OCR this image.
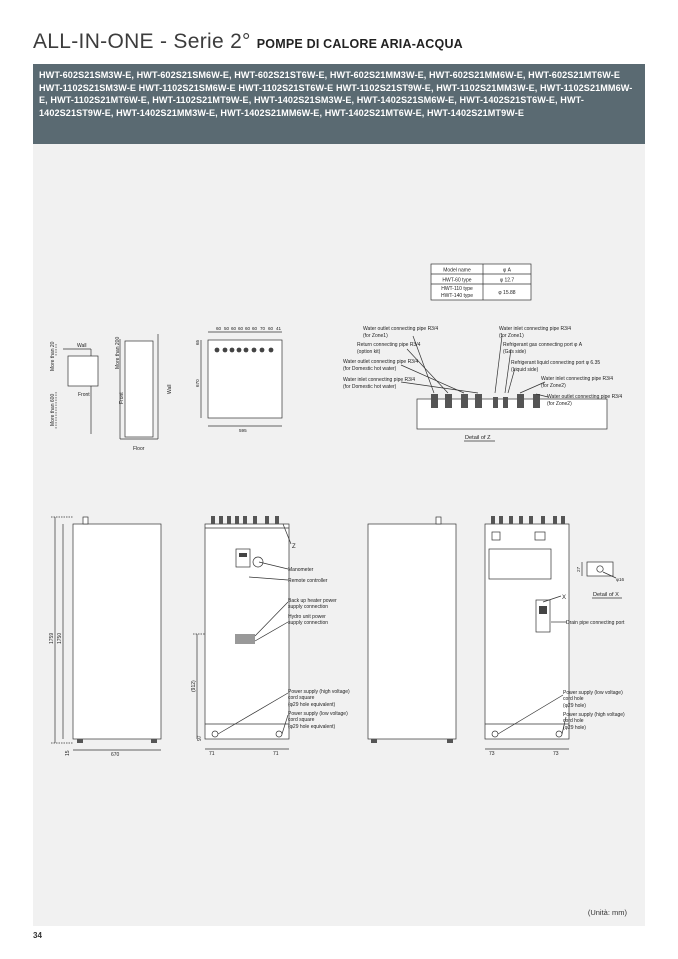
ALL-IN-ONE - Serie 2° POMPE DI CALORE ARIA-ACQUA
HWT-602S21SM3W-E, HWT-602S21SM6W-E, HWT-602S21ST6W-E, HWT-602S21MM3W-E, HWT-602S21MM6W-E, HWT-602S21MT6W-E HWT-1102S21SM3W-E HWT-1102S21SM6W-E HWT-1102S21ST6W-E HWT-1102S21ST9W-E, HWT-1102S21MM3W-E, HWT-1102S21MM6W-E, HWT-1102S21MT6W-E, HWT-1102S21MT9W-E, HWT-1402S21SM3W-E, HWT-1402S21SM6W-E, HWT-1402S21ST6W-E, HWT-1402S21ST9W-E, HWT-1402S21MM3W-E, HWT-1402S21MM6W-E, HWT-1402S21MT6W-E, HWT-1402S21MT9W-E
Model name	φ A
HWT-60 type	φ 12.7
HWT-110 type
HWT-140 type	φ 15.88
Wall
Front
More than 20
More than 600
More than 200
Front
Wall
Floor
60 50 60 60 60 60 70 60 41
65
670
595
Water outlet connecting pipe R3/4
(for Zone1)
Return connecting pipe R3/4
(option kit)
Water outlet connecting pipe R3/4
(for Domestic hot water)
Water inlet connecting pipe R3/4
(for Domestic hot water)
Water inlet connecting pipe R3/4
(for Zone1)
Refrigerant gas connecting port φ A
(Gas side)
Refrigerant liquid connecting port φ 6.35
(Liquid side)
Water inlet connecting pipe R3/4
(for Zone2)
Water outlet connecting pipe R3/4
(for Zone2)
Detail of Z
1759 1750
15	670
Z
Manometer
Remote controller
Back up heater power
supply connection
Hydro unit power
supply connection
Power supply (high voltage)
cord square
(φ29 hole equivalent)
Power supply (low voltage)
cord square
(φ29 hole equivalent)
(912)
97
71	71
X
Drain pipe connecting port
Power supply (low voltage)
cord hole
(φ29 hole)
Power supply (high voltage)
cord hole
(φ29 hole)
73	73
27
φ16
Detail of X
(Unità: mm)
34
